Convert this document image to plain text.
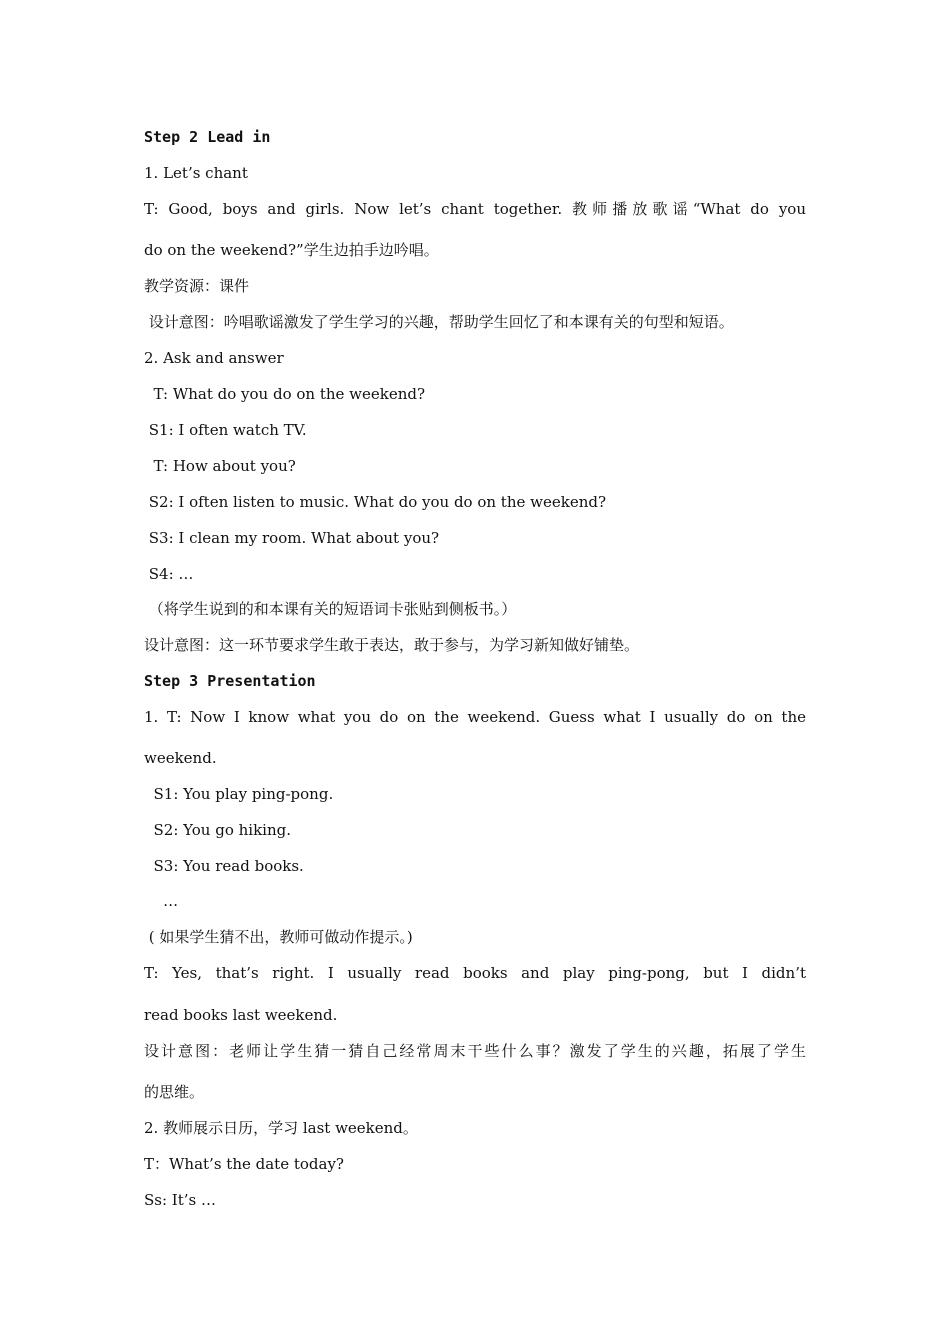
Step 2 Lead in
1. Let’s chant
T: Good, boys and girls. Now let’s chant together. 教师播放歌谣“What do you
do on the weekend?”学生边拍手边吟唱。
教学资源：课件
设计意图：吟唱歌谣激发了学生学习的兴趣，帮助学生回忆了和本课有关的句型和短语。
2. Ask and answer
T: What do you do on the weekend?
S1: I often watch TV.
T: How about you?
S2: I often listen to music. What do you do on the weekend?
S3: I clean my room. What about you?
S4: …
（将学生说到的和本课有关的短语词卡张贴到侧板书。）
设计意图：这一环节要求学生敢于表达，敢于参与，为学习新知做好铺垫。
Step 3 Presentation
1. T: Now I know what you do on the weekend. Guess what I usually do on the
weekend.
S1: You play ping-pong.
S2: You go hiking.
S3: You read books.
…
( 如果学生猜不出，教师可做动作提示。)
T: Yes, that’s right. I usually read books and play ping-pong, but I didn’t
read books last weekend.
设计意图：老师让学生猜一猜自己经常周末干些什么事？激发了学生的兴趣，拓展了学生
的思维。
2. 教师展示日历，学习 last weekend。
T：What’s the date today?
Ss: It’s …
